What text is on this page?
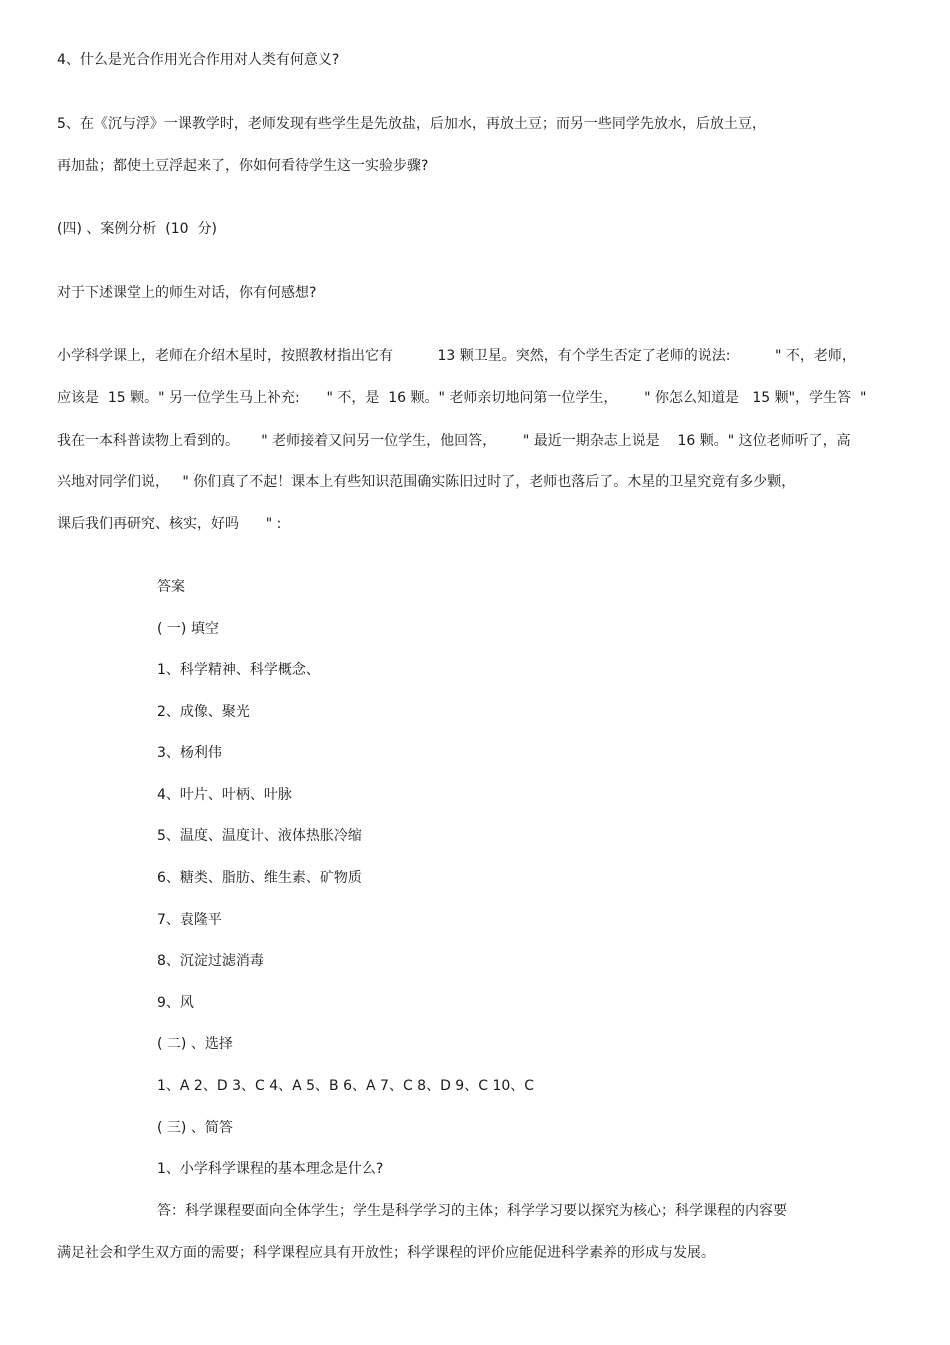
4、什么是光合作用光合作用对人类有何意义?
5、在《沉与浮》一课教学时，老师发现有些学生是先放盐，后加水，再放土豆；而另一些同学先放水，后放土豆，
再加盐；都使土豆浮起来了，你如何看待学生这一实验步骤?
(四) 、案例分析  (10  分)
对于下述课堂上的师生对话，你有何感想?
小学科学课上，老师在介绍木星时，按照教材指出它有          13 颗卫星。突然，有个学生否定了老师的说法:          " 不，老师，
应该是  15 颗。" 另一位学生马上补充:      " 不，是  16 颗。" 老师亲切地问第一位学生，      " 你怎么知道是   15 颗"，学生答  "
我在一本科普读物上看到的。     " 老师接着又问另一位学生，他回答，      " 最近一期杂志上说是    16 颗。" 这位老师听了，高
兴地对同学们说，   " 你们真了不起！课本上有些知识范围确实陈旧过时了，老师也落后了。木星的卫星究竟有多少颗，
课后我们再研究、核实，好吗      " :
答案
( 一) 填空
1、科学精神、科学概念、
2、成像、聚光
3、杨利伟
4、叶片、叶柄、叶脉
5、温度、温度计、液体热胀冷缩
6、糖类、脂肪、维生素、矿物质
7、袁隆平
8、沉淀过滤消毒
9、风
( 二) 、选择
1、A 2、D 3、C 4、A 5、B 6、A 7、C 8、D 9、C 10、C
( 三) 、简答
1、小学科学课程的基本理念是什么?
答：科学课程要面向全体学生；学生是科学学习的主体；科学学习要以探究为核心；科学课程的内容要
满足社会和学生双方面的需要；科学课程应具有开放性；科学课程的评价应能促进科学素养的形成与发展。
